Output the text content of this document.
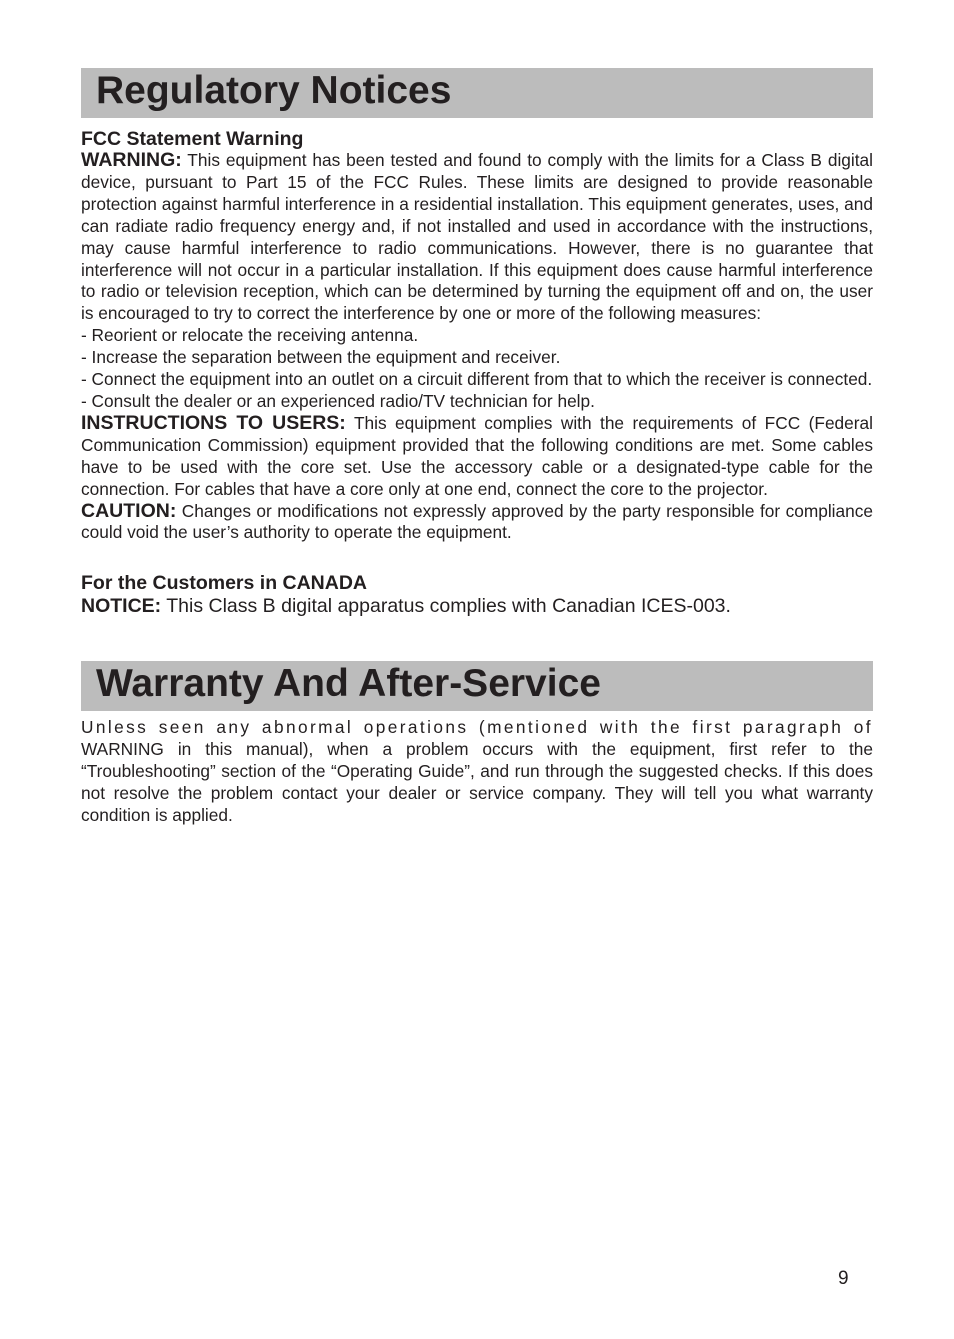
Regulatory Notices

FCC Statement Warning

WARNING: This equipment has been tested and found to comply with the limits for a Class B digital device, pursuant to Part 15 of the FCC Rules. These limits are designed to provide reasonable protection against harmful interference in a residential installation. This equipment generates, uses, and can radiate radio frequency energy and, if not installed and used in accordance with the instructions, may cause harmful interference to radio communications. However, there is no guarantee that interference will not occur in a particular installation. If this equipment does cause harmful interference to radio or television reception, which can be determined by turning the equipment off and on, the user is encouraged to try to correct the interference by one or more of the following measures:

- Reorient or relocate the receiving antenna.

- Increase the separation between the equipment and receiver.

- Connect the equipment into an outlet on a circuit different from that to which the receiver is connected.

- Consult the dealer or an experienced radio/TV technician for help.

INSTRUCTIONS TO USERS: This equipment complies with the requirements of FCC (Federal Communication Commission) equipment provided that the following conditions are met. Some cables have to be used with the core set. Use the accessory cable or a designated-type cable for the connection. For cables that have a core only at one end, connect the core to the projector.

CAUTION: Changes or modifications not expressly approved by the party responsible for compliance could void the user’s authority to operate the equipment.

For the Customers in CANADA

NOTICE: This Class B digital apparatus complies with Canadian ICES-003.

Warranty And After-Service

Unless seen any abnormal operations (mentioned with the first paragraph of

WARNING in this manual), when a problem occurs with the equipment, first refer to the “Troubleshooting” section of the “Operating Guide”, and run through the suggested checks. If this does not resolve the problem contact your dealer or service company. They will tell you what warranty condition is applied.

9
